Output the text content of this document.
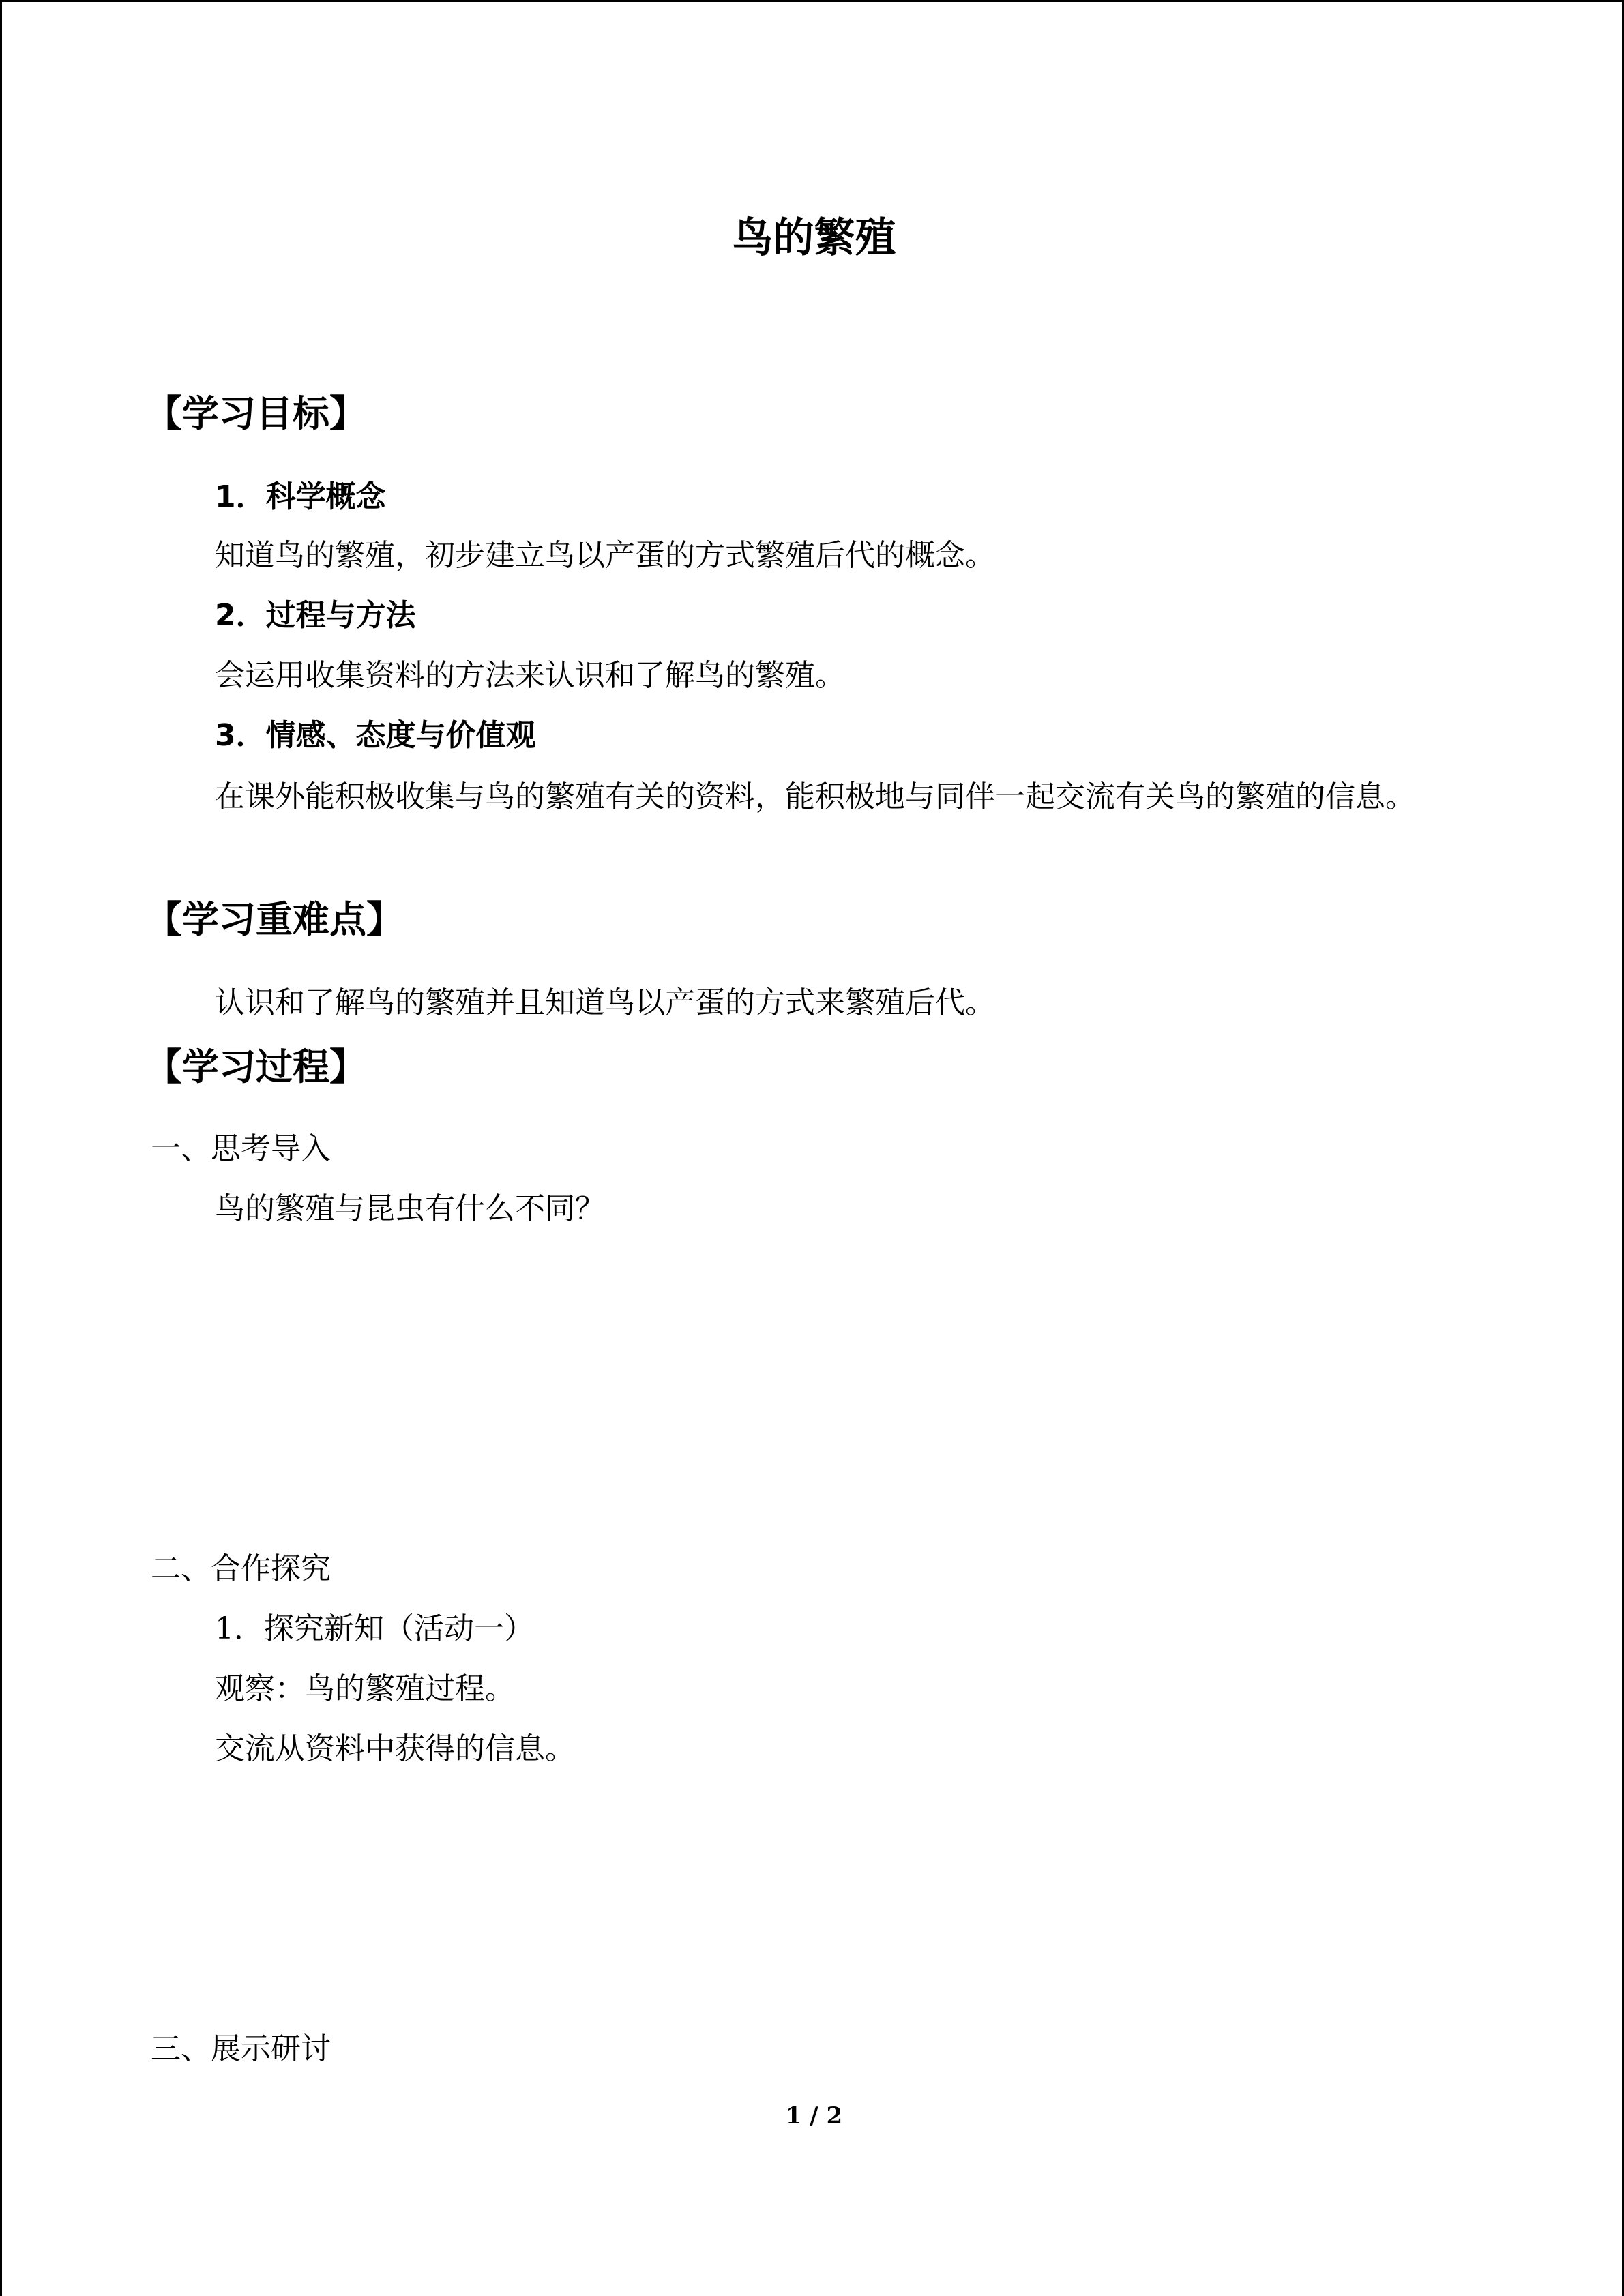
鸟的繁殖
【学习目标】
1．科学概念
知道鸟的繁殖，初步建立鸟以产蛋的方式繁殖后代的概念。
2．过程与方法
会运用收集资料的方法来认识和了解鸟的繁殖。
3．情感、态度与价值观
在课外能积极收集与鸟的繁殖有关的资料，能积极地与同伴一起交流有关鸟的繁殖的信息。
【学习重难点】
认识和了解鸟的繁殖并且知道鸟以产蛋的方式来繁殖后代。
【学习过程】
一、思考导入
鸟的繁殖与昆虫有什么不同？
二、合作探究
1．探究新知（活动一）
观察：鸟的繁殖过程。
交流从资料中获得的信息。
三、展示研讨
1 / 2
